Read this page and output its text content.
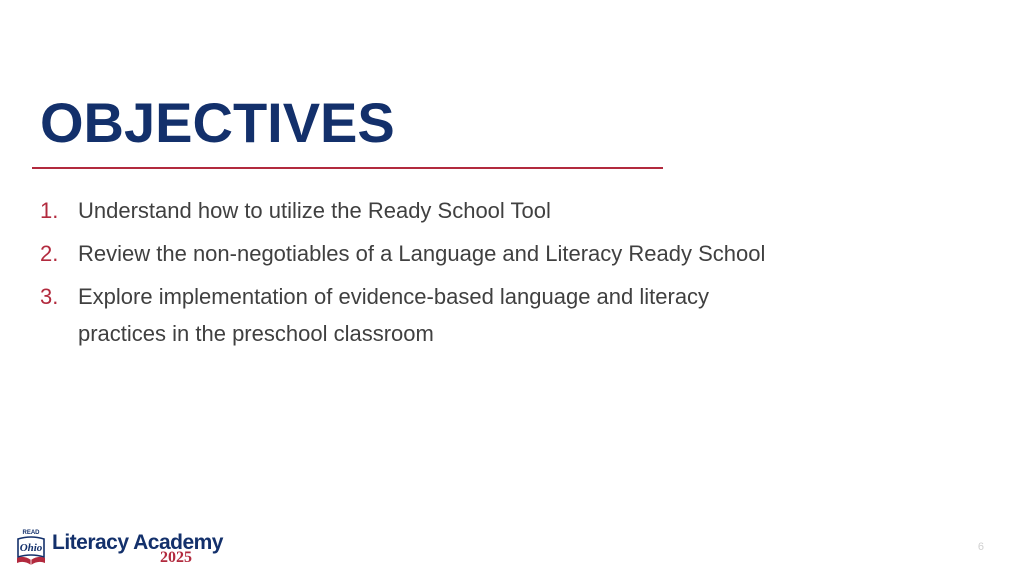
OBJECTIVES
1. Understand how to utilize the Ready School Tool
2. Review the non-negotiables of a Language and Literacy Ready School
3. Explore implementation of evidence-based language and literacy practices in the preschool classroom
READ
Ohio Literacy Academy
2025
6
